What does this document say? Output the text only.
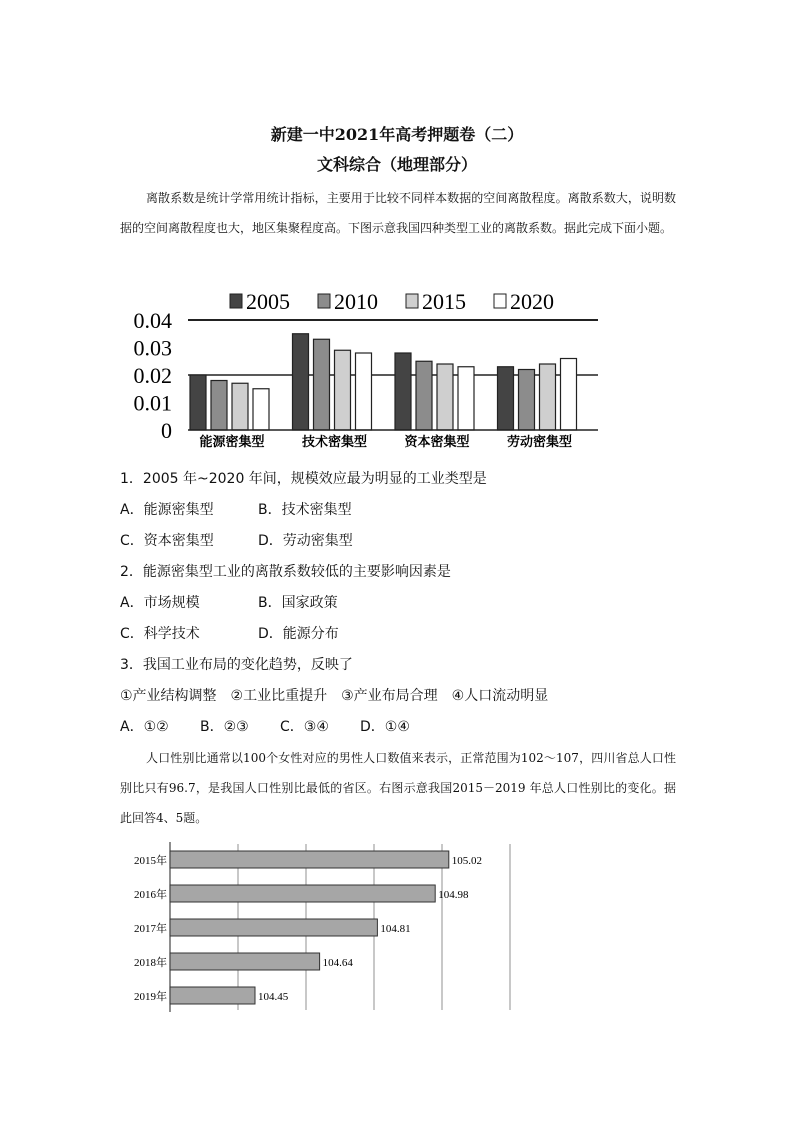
新建一中2021年高考押题卷（二）
文科综合（地理部分）
离散系数是统计学常用统计指标，主要用于比较不同样本数据的空间离散程度。离散系数大，说明数据的空间离散程度也大，地区集聚程度高。下图示意我国四种类型工业的离散系数。据此完成下面小题。
2005 2010 2015 2020
0.04
0.03
0.02
0.01
0 能源密集型	技术密集型	资本密集型	劳动密集型
1．2005 年~2020 年间，规模效应最为明显的工业类型是
A．能源密集型	B．技术密集型
C．资本密集型	D．劳动密集型
2．能源密集型工业的离散系数较低的主要影响因素是
A．市场规模	B．国家政策
C．科学技术	D．能源分布
3．我国工业布局的变化趋势，反映了
①产业结构调整　②工业比重提升　③产业布局合理　④人口流动明显
A．①② B．②③ C．③④ D．①④
人口性别比通常以100个女性对应的男性人口数值来表示，正常范围为102～107，四川省总人口性别比只有96.7，是我国人口性别比最低的省区。右图示意我国2015－2019 年总人口性别比的变化。据此回答4、5题。
2015年	105.02
2016年	104.98
2017年	104.81
2018年	104.64
2019年	104.45
